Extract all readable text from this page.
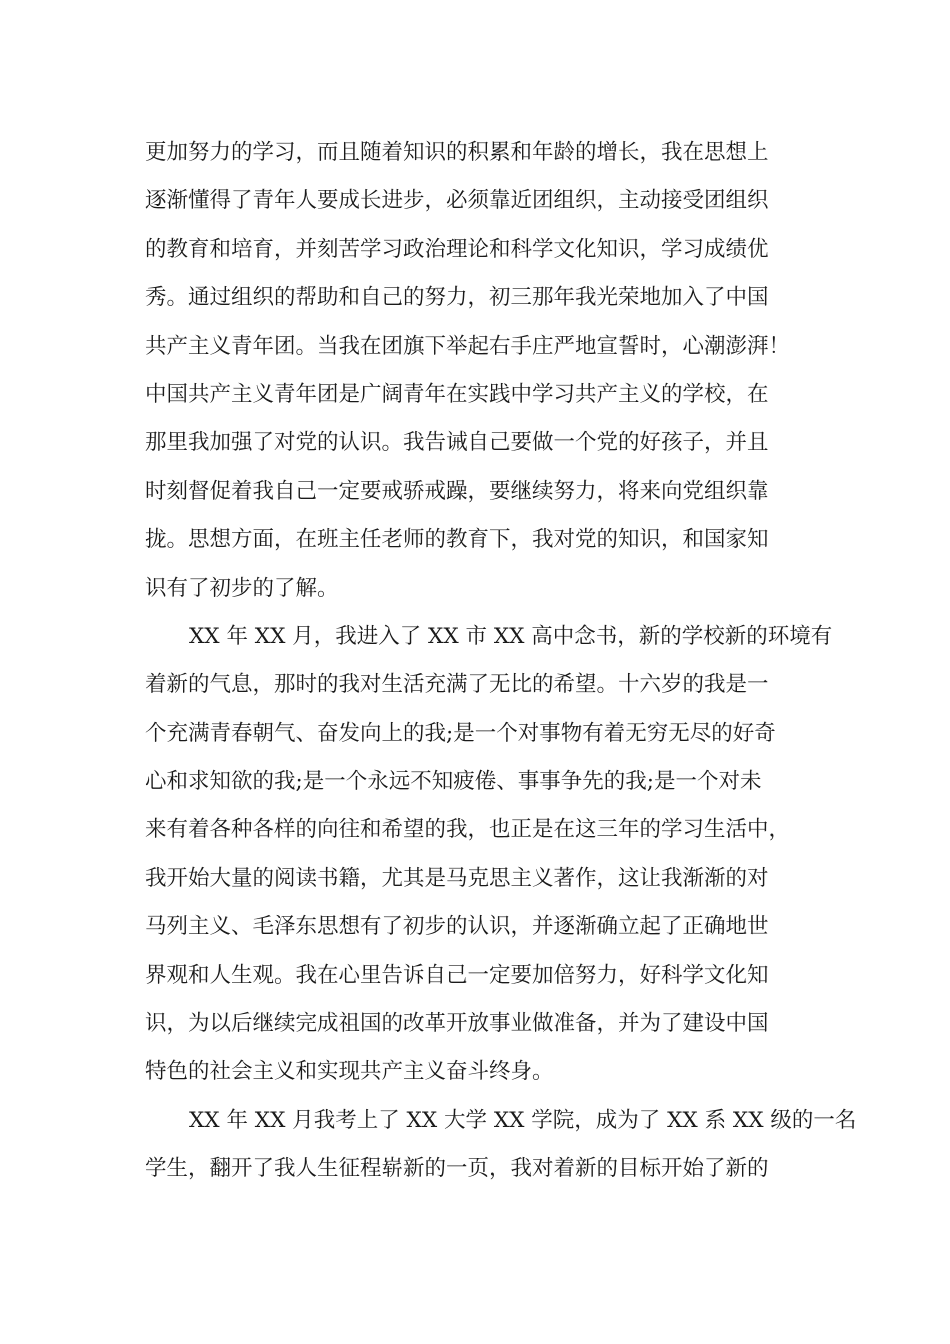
更加努力的学习，而且随着知识的积累和年龄的增长，我在思想上
逐渐懂得了青年人要成长进步，必须靠近团组织，主动接受团组织
的教育和培育，并刻苦学习政治理论和科学文化知识，学习成绩优
秀。通过组织的帮助和自己的努力，初三那年我光荣地加入了中国
共产主义青年团。当我在团旗下举起右手庄严地宣誓时，心潮澎湃！
中国共产主义青年团是广阔青年在实践中学习共产主义的学校，在
那里我加强了对党的认识。我告诫自己要做一个党的好孩子，并且
时刻督促着我自己一定要戒骄戒躁，要继续努力，将来向党组织靠
拢。思想方面，在班主任老师的教育下，我对党的知识，和国家知
识有了初步的了解。
XX 年 XX 月，我进入了 XX 市 XX 高中念书，新的学校新的环境有
着新的气息，那时的我对生活充满了无比的希望。十六岁的我是一
个充满青春朝气、奋发向上的我;是一个对事物有着无穷无尽的好奇
心和求知欲的我;是一个永远不知疲倦、事事争先的我;是一个对未
来有着各种各样的向往和希望的我，也正是在这三年的学习生活中，
我开始大量的阅读书籍，尤其是马克思主义著作，这让我渐渐的对
马列主义、毛泽东思想有了初步的认识，并逐渐确立起了正确地世
界观和人生观。我在心里告诉自己一定要加倍努力，好科学文化知
识，为以后继续完成祖国的改革开放事业做准备，并为了建设中国
特色的社会主义和实现共产主义奋斗终身。
XX 年 XX 月我考上了 XX 大学 XX 学院，成为了 XX 系 XX 级的一名
学生，翻开了我人生征程崭新的一页，我对着新的目标开始了新的
